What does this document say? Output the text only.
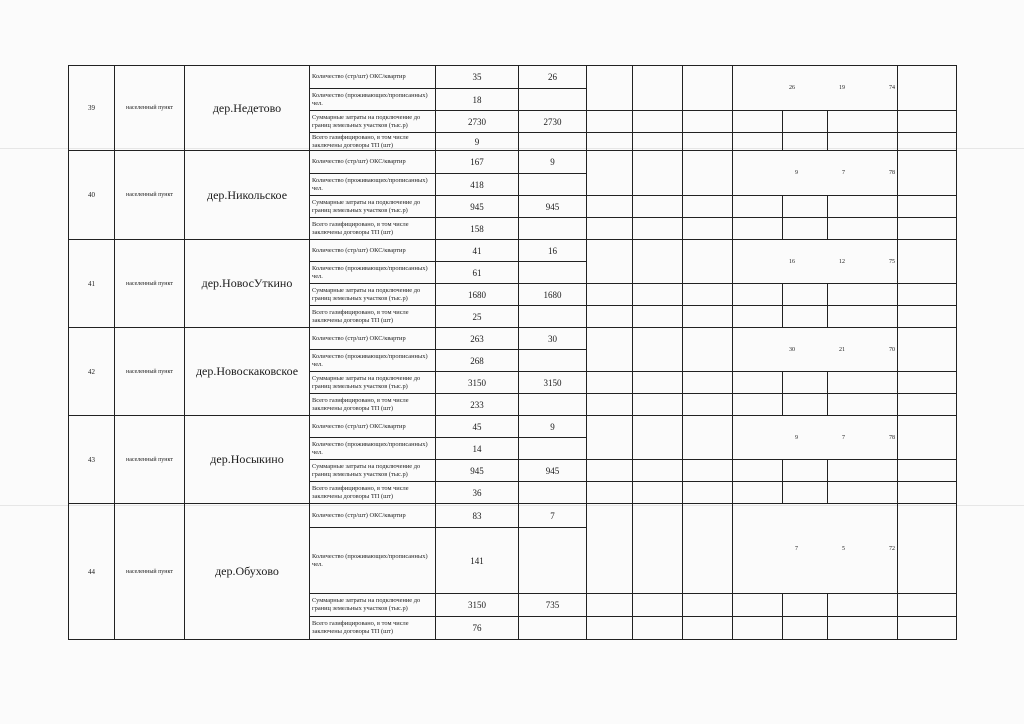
39	населенный пункт	дер.Недетово	Количество (стр/шт) ОКС/квартир	35	26				26 19 74			

			Количество (проживающих/прописанных) чел.	18								
			Суммарные затраты на подключение до границ земельных участков (тыс.р)	2730	2730							
			Всего газифицировано, в том числе заключены договоры ТП (шт)	9								
40	населенный пункт	дер.Никольское	Количество (стр/шт) ОКС/квартир	167	9				9 7 78			

			Количество (проживающих/прописанных) чел.	418								
			Суммарные затраты на подключение до границ земельных участков (тыс.р)	945	945							
			Всего газифицировано, в том числе заключены договоры ТП (шт)	158								
41	населенный пункт	дер.НовосУткино	Количество (стр/шт) ОКС/квартир	41	16				16 12 75			

			Количество (проживающих/прописанных) чел.	61								
			Суммарные затраты на подключение до границ земельных участков (тыс.р)	1680	1680							
			Всего газифицировано, в том числе заключены договоры ТП (шт)	25								
42	населенный пункт	дер.Новоскаковское	Количество (стр/шт) ОКС/квартир	263	30				30 21 70			

			Количество (проживающих/прописанных) чел.	268								
			Суммарные затраты на подключение до границ земельных участков (тыс.р)	3150	3150							
			Всего газифицировано, в том числе заключены договоры ТП (шт)	233								
43	населенный пункт	дер.Носыкино	Количество (стр/шт) ОКС/квартир	45	9				9 7 78			

			Количество (проживающих/прописанных) чел.	14								
			Суммарные затраты на подключение до границ земельных участков (тыс.р)	945	945							
			Всего газифицировано, в том числе заключены договоры ТП (шт)	36								
44	населенный пункт	дер.Обухово	Количество (стр/шт) ОКС/квартир	83	7				7 5 72			

			Количество (проживающих/прописанных) чел.	141								
			Суммарные затраты на подключение до границ земельных участков (тыс.р)	3150	735							
			Всего газифицировано, в том числе заключены договоры ТП (шт)	76								
